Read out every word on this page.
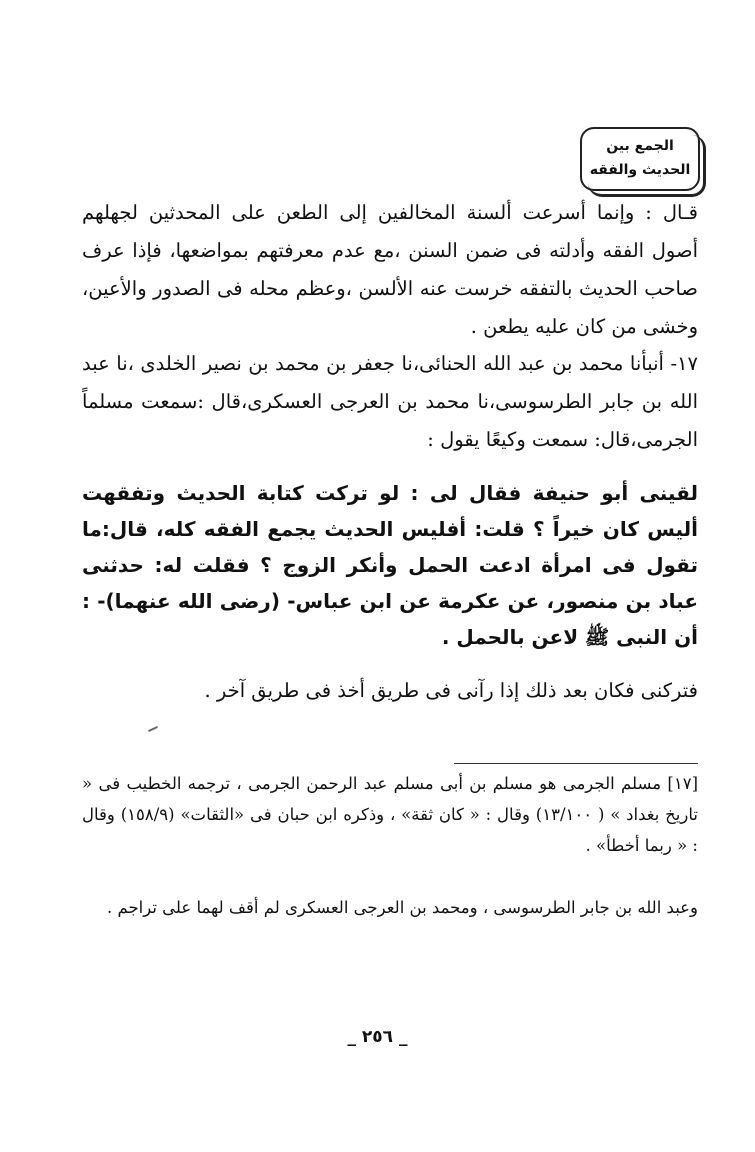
الجمع بين
الحديث والفقه
قـال : وإنما أسرعت ألسنة المخالفين إلى الطعن على المحدثين لجهلهم أصول الفقه وأدلته فى ضمن السنن ،مع عدم معرفتهم بمواضعها، فإذا عرف صاحب الحديث بالتفقه خرست عنه الألسن ،وعظم محله فى الصدور والأعين، وخشى من كان عليه يطعن .
١٧- أنبأنا محمد بن عبد الله الحنائى،نا جعفر بن محمد بن نصير الخلدى ،نا عبد الله بن جابر الطرسوسى،نا محمد بن العرجى العسكرى،قال :سمعت مسلماً الجرمى،قال: سمعت وكيعًا يقول :
لقينى أبو حنيفة فقال لى : لو تركت كتابة الحديث وتفقهت أليس كان خيراً ؟ قلت: أفليس الحديث يجمع الفقه كله، قال:ما تقول فى امرأة ادعت الحمل وأنكر الزوج ؟ فقلت له: حدثنى عباد بن منصور، عن عكرمة عن ابن عباس- (رضى الله عنهما)- : أن النبى ﷺ لاعن بالحمل .
فتركنى فكان بعد ذلك إذا رآنى فى طريق أخذ فى طريق آخر .
[١٧] مسلم الجرمى هو مسلم بن أبى مسلم عبد الرحمن الجرمى ، ترجمه الخطيب فى « تاريخ بغداد » ( ١٣/١٠٠) وقال : « كان ثقة» ، وذكره ابن حبان فى «الثقات» (١٥٨/٩) وقال : « ربما أخطأ» .
وعبد الله بن جابر الطرسوسى ، ومحمد بن العرجى العسكرى لم أقف لهما على تراجم .
_ ٢٥٦ _
